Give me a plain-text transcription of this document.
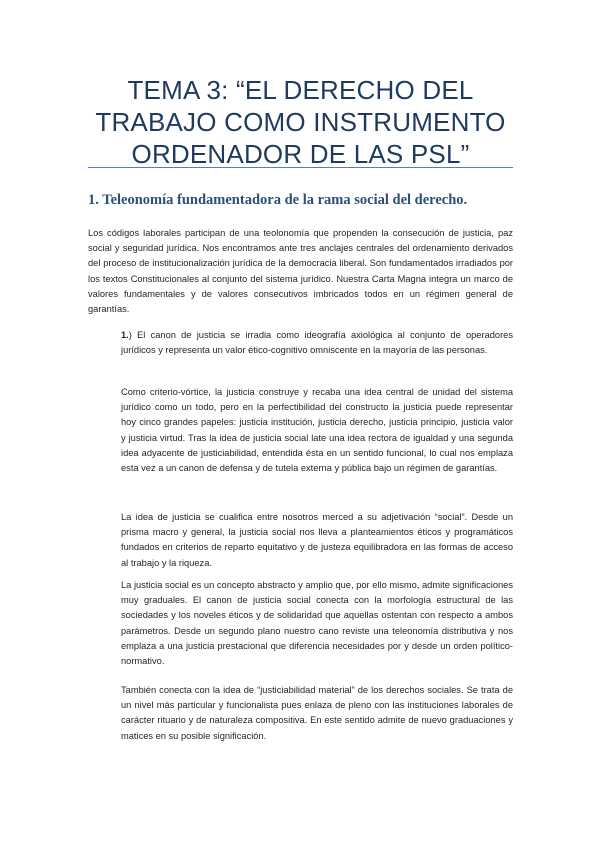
TEMA 3: “EL DERECHO DEL
TRABAJO COMO INSTRUMENTO
ORDENADOR DE LAS PSL”
1. Teleonomía fundamentadora de la rama social del derecho.
Los códigos laborales participan de una teolonomía que propenden la consecución de justicia, paz social y seguridad jurídica. Nos encontramos ante tres anclajes centrales del ordenamiento derivados del proceso de institucionalización jurídica de la democracia liberal. Son fundamentados irradiados por los textos Constitucionales al conjunto del sistema jurídico. Nuestra Carta Magna integra un marco de valores fundamentales y de valores consecutivos imbricados todos en un régimen general de garantías.
1.) El canon de justicia se irradia como ideografía axiológica al conjunto de operadores jurídicos y representa un valor ético-cognitivo omniscente en la mayoría de las personas.
Como criterio-vórtice, la justicia construye y recaba una idea central de unidad del sistema jurídico como un todo, pero en la perfectibilidad del constructo la justicia puede representar hoy cinco grandes papeles: justicia institución, justicia derecho, justicia principio, justicia valor y justicia virtud. Tras la idea de justicia social late una idea rectora de igualdad y una segunda idea adyacente de justiciabilidad, entendida ésta en un sentido funcional, lo cual nos emplaza esta vez a un canon de defensa y de tutela externa y pública bajo un régimen de garantías.
La idea de justicia se cualifica entre nosotros merced a su adjetivación “social”. Desde un prisma macro y general, la justicia social nos lleva a planteamientos éticos y programáticos fundados en criterios de reparto equitativo y de justeza equilibradora en las formas de acceso al trabajo y la riqueza.
La justicia social es un concepto abstracto y amplio que, por ello mismo, admite significaciones muy graduales. El canon de justicia social conecta con la morfología estructural de las sociedades y los noveles éticos y de solidaridad que aquellas ostentan con respecto a ambos parámetros. Desde un segundo plano nuestro cano reviste una teleonomía distributiva y nos emplaza a una justicia prestacional que diferencia necesidades por y desde un orden político-normativo.
También conecta con la idea de “justiciabilidad material” de los derechos sociales. Se trata de un nivel más particular y funcionalista pues enlaza de pleno con las instituciones laborales de carácter rituario y de naturaleza compositiva. En este sentido admite de nuevo graduaciones y matices en su posible significación.
